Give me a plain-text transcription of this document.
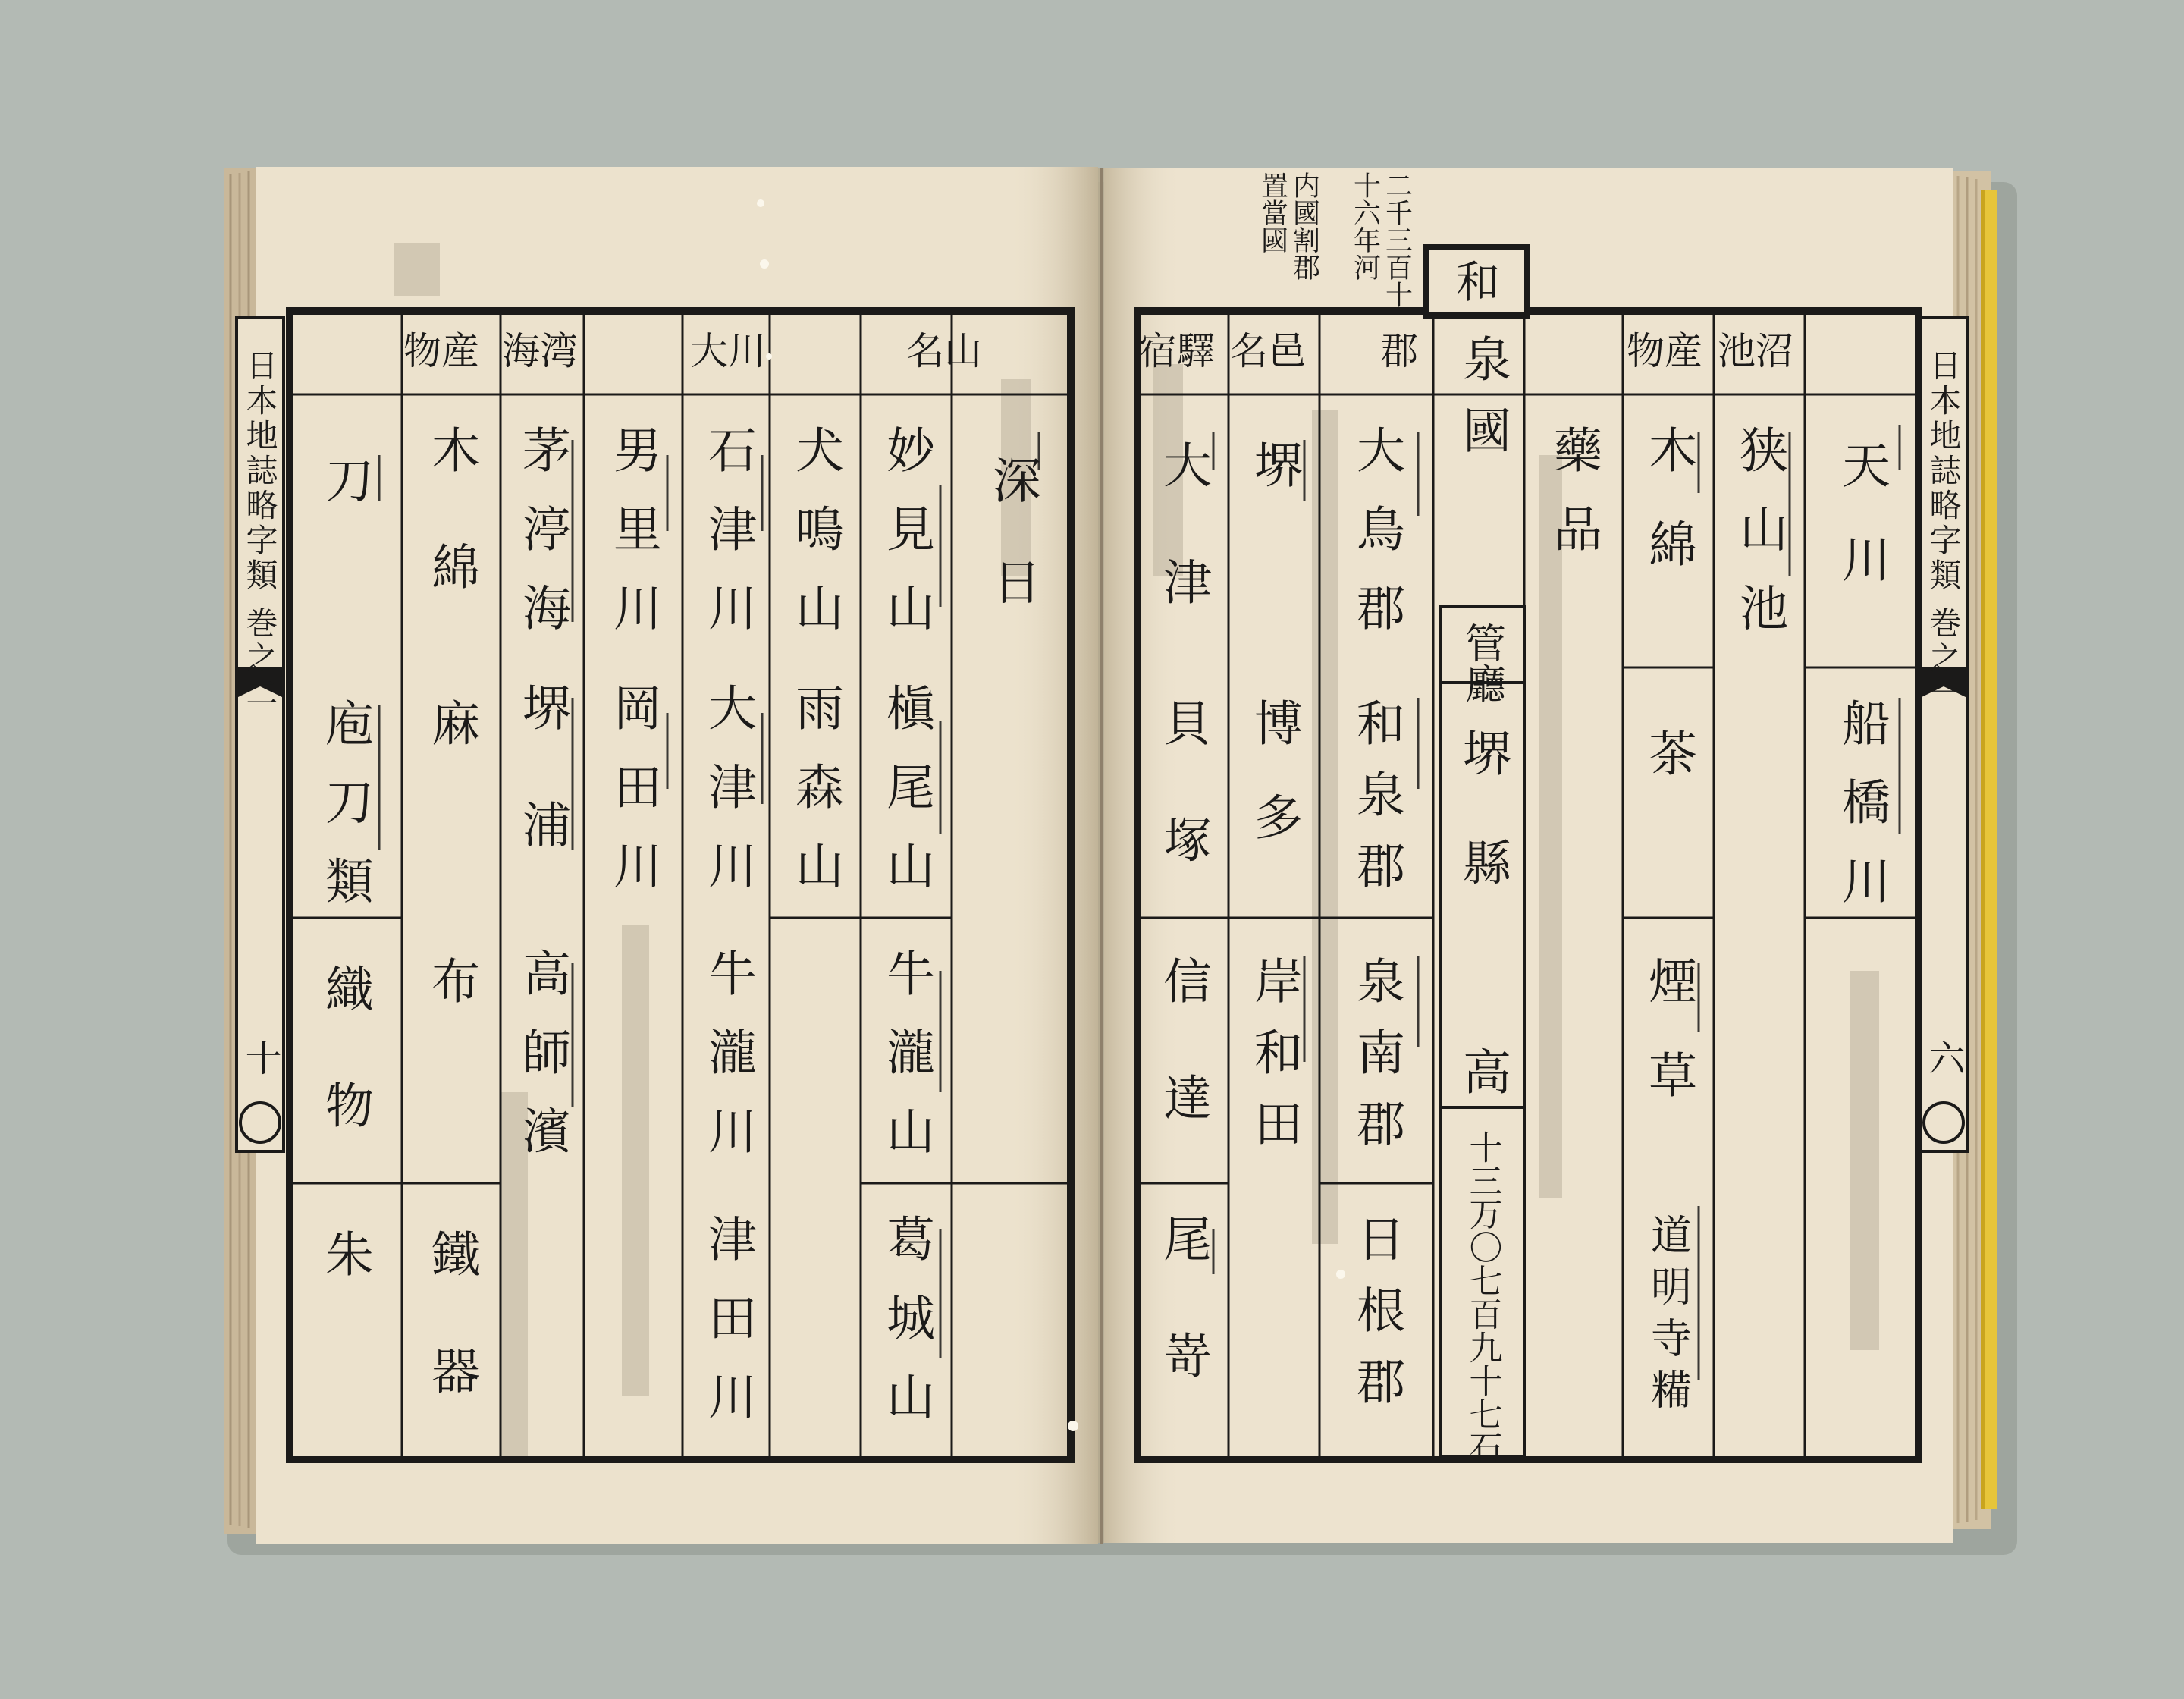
日本地誌略字類 巻之二
十
和
日本地誌略字類 巻之一
六
二千三百十
十六年河
内國割郡
置當國
深日
名山
妙見山
槇尾山
牛瀧山
葛城山
犬鳴山
雨森山
大川
石津川
大津川
牛瀧川
津田川
男里川
岡田川
海湾
茅渟海
堺浦
高師濱
物産
木綿
麻
布
鐵器
刀
庖刀類
織物
朱
天川
船橋川
池沼
狭山池
物産
木綿
茶
煙草
道明寺糒
藥品
泉國
管廳
堺縣
高
十三万〇七百九十七石
郡
大鳥郡
和泉郡
泉南郡
日根郡
名邑
堺
博多
岸和田
宿驛
大津
貝塚
信達
尾嵜
